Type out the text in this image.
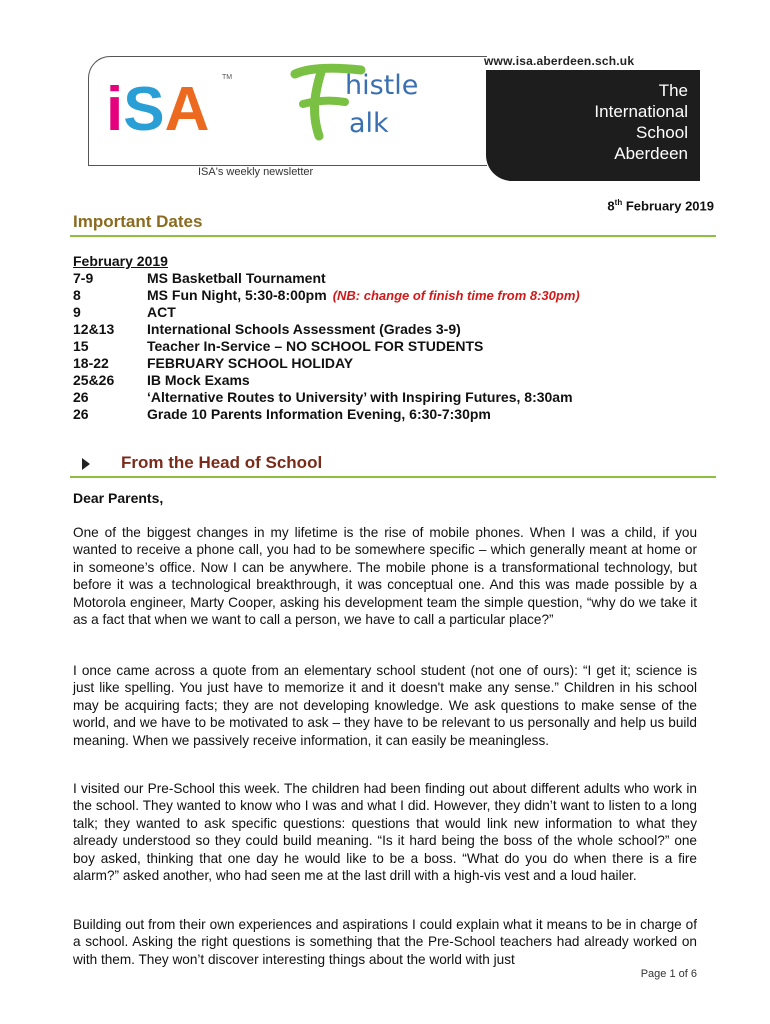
www.isa.aberdeen.sch.uk
iSA TM	histle
alk
ISA's weekly newsletter
The
International
School
Aberdeen
8th February 2019
Important Dates
February 2019
7-9	MS Basketball Tournament
8	MS Fun Night, 5:30-8:00pm (NB: change of finish time from 8:30pm)
9	ACT
12&13	International Schools Assessment (Grades 3-9)
15	Teacher In-Service – NO SCHOOL FOR STUDENTS
18-22	FEBRUARY SCHOOL HOLIDAY
25&26	IB Mock Exams
26	‘Alternative Routes to University’ with Inspiring Futures, 8:30am
26	Grade 10 Parents Information Evening, 6:30-7:30pm
From the Head of School
Dear Parents,

One of the biggest changes in my lifetime is the rise of mobile phones. When I was a child, if you wanted to receive a phone call, you had to be somewhere specific – which generally meant at home or in someone’s office. Now I can be anywhere. The mobile phone is a transformational technology, but before it was a technological breakthrough, it was conceptual one. And this was made possible by a Motorola engineer, Marty Cooper, asking his development team the simple question, “why do we take it as a fact that when we want to call a person, we have to call a particular place?”

I once came across a quote from an elementary school student (not one of ours): “I get it; science is just like spelling. You just have to memorize it and it doesn't make any sense.” Children in his school may be acquiring facts; they are not developing knowledge. We ask questions to make sense of the world, and we have to be motivated to ask – they have to be relevant to us personally and help us build meaning. When we passively receive information, it can easily be meaningless.

I visited our Pre-School this week. The children had been finding out about different adults who work in the school. They wanted to know who I was and what I did. However, they didn’t want to listen to a long talk; they wanted to ask specific questions: questions that would link new information to what they already understood so they could build meaning. “Is it hard being the boss of the whole school?” one boy asked, thinking that one day he would like to be a boss. “What do you do when there is a fire alarm?” asked another, who had seen me at the last drill with a high-vis vest and a loud hailer.

Building out from their own experiences and aspirations I could explain what it means to be in charge of a school. Asking the right questions is something that the Pre-School teachers had already worked on with them. They won’t discover interesting things about the world with just

Page 1 of 6
